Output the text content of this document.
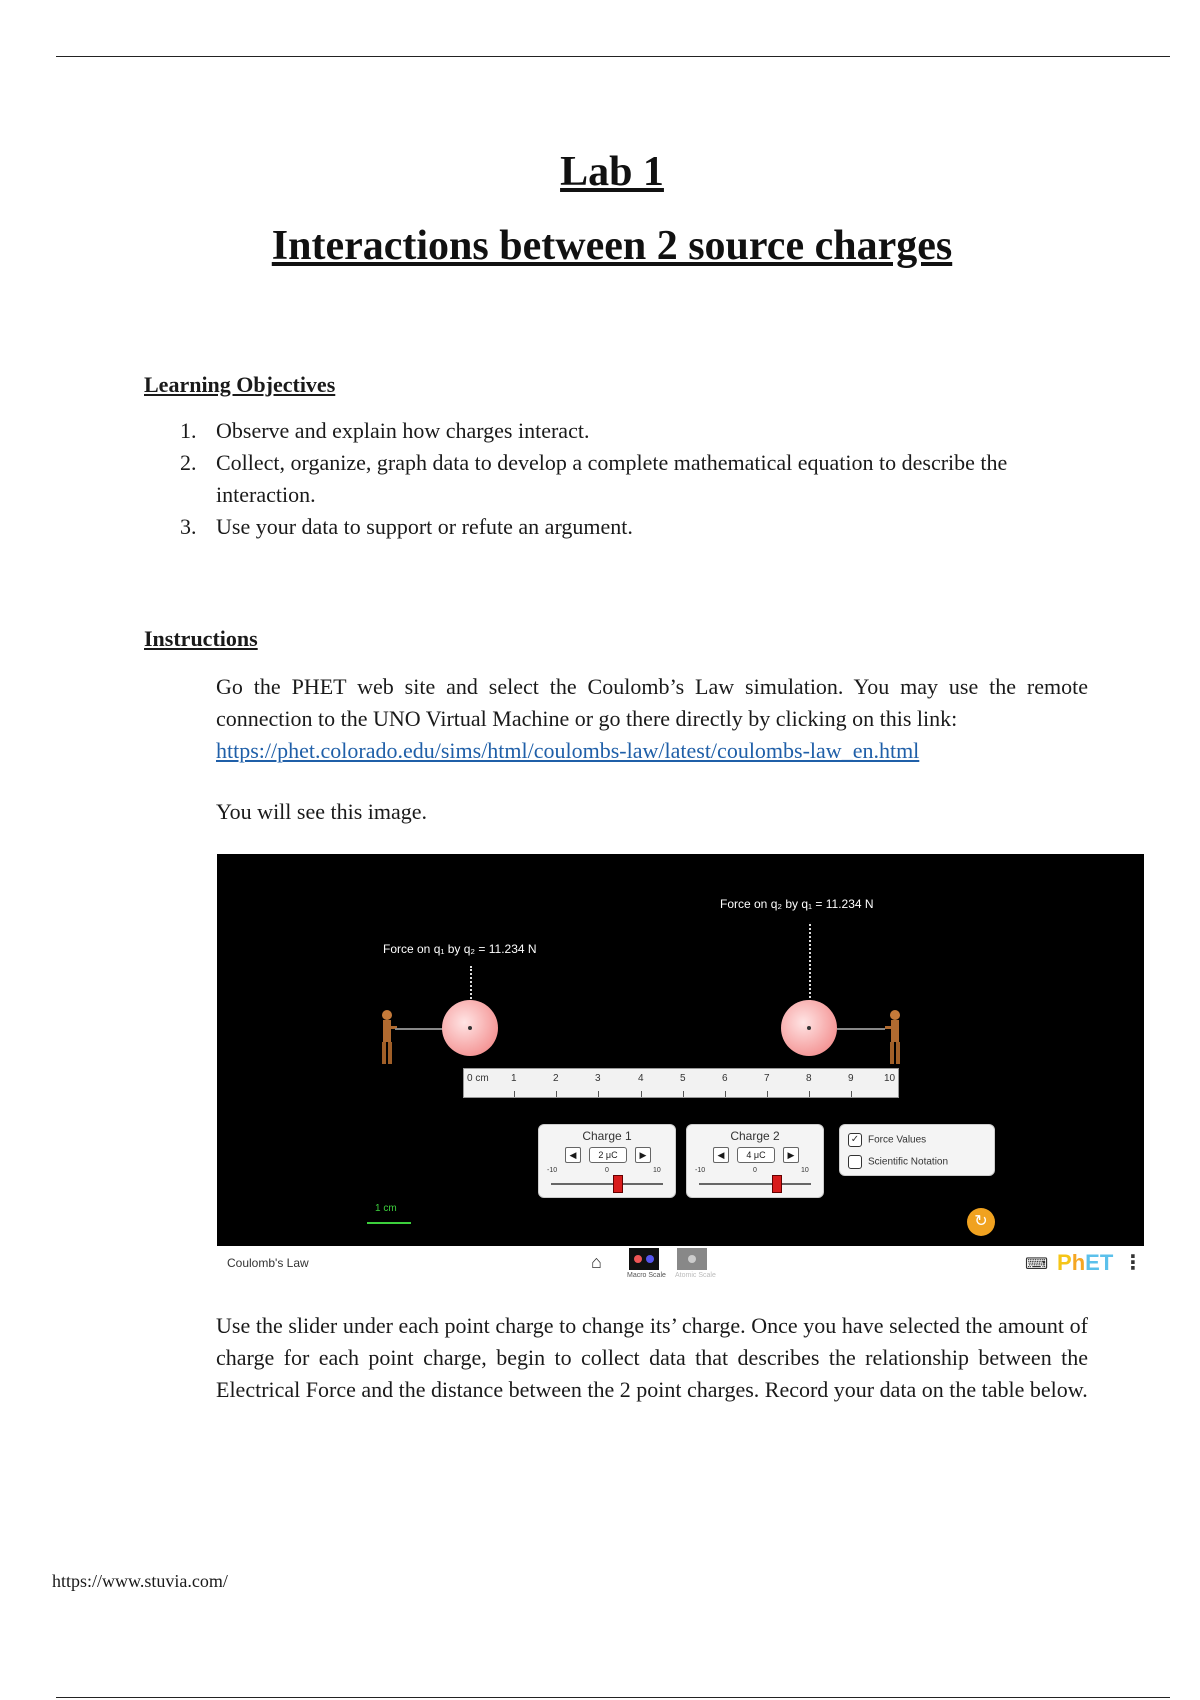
Lab 1
Interactions between 2 source charges
Learning Objectives
1. Observe and explain how charges interact.
2. Collect, organize, graph data to develop a complete mathematical equation to describe the interaction.
3. Use your data to support or refute an argument.
Instructions
Go the PHET web site and select the Coulomb’s Law simulation. You may use the remote connection to the UNO Virtual Machine or go there directly by clicking on this link:
https://phet.colorado.edu/sims/html/coulombs-law/latest/coulombs-law_en.html
You will see this image.
Force on q₁ by q₂ = 11.234 N
Force on q₂ by q₁ = 11.234 N
0 cm 1	2	3	4	5	6	7	8	9	10
Charge 1
◀	2 μC	▶
-10	0	10
Charge 2
◀	4 μC	▶
-10	0	10
✓ Force Values
Scientific Notation
1 cm
↻
Coulomb's Law	⌂
Macro Scale Atomic Scale
⌨ PhET ⋮
Use the slider under each point charge to change its’ charge. Once you have selected the amount of charge for each point charge, begin to collect data that describes the relationship between the Electrical Force and the distance between the 2 point charges. Record your data on the table below.
https://www.stuvia.com/
